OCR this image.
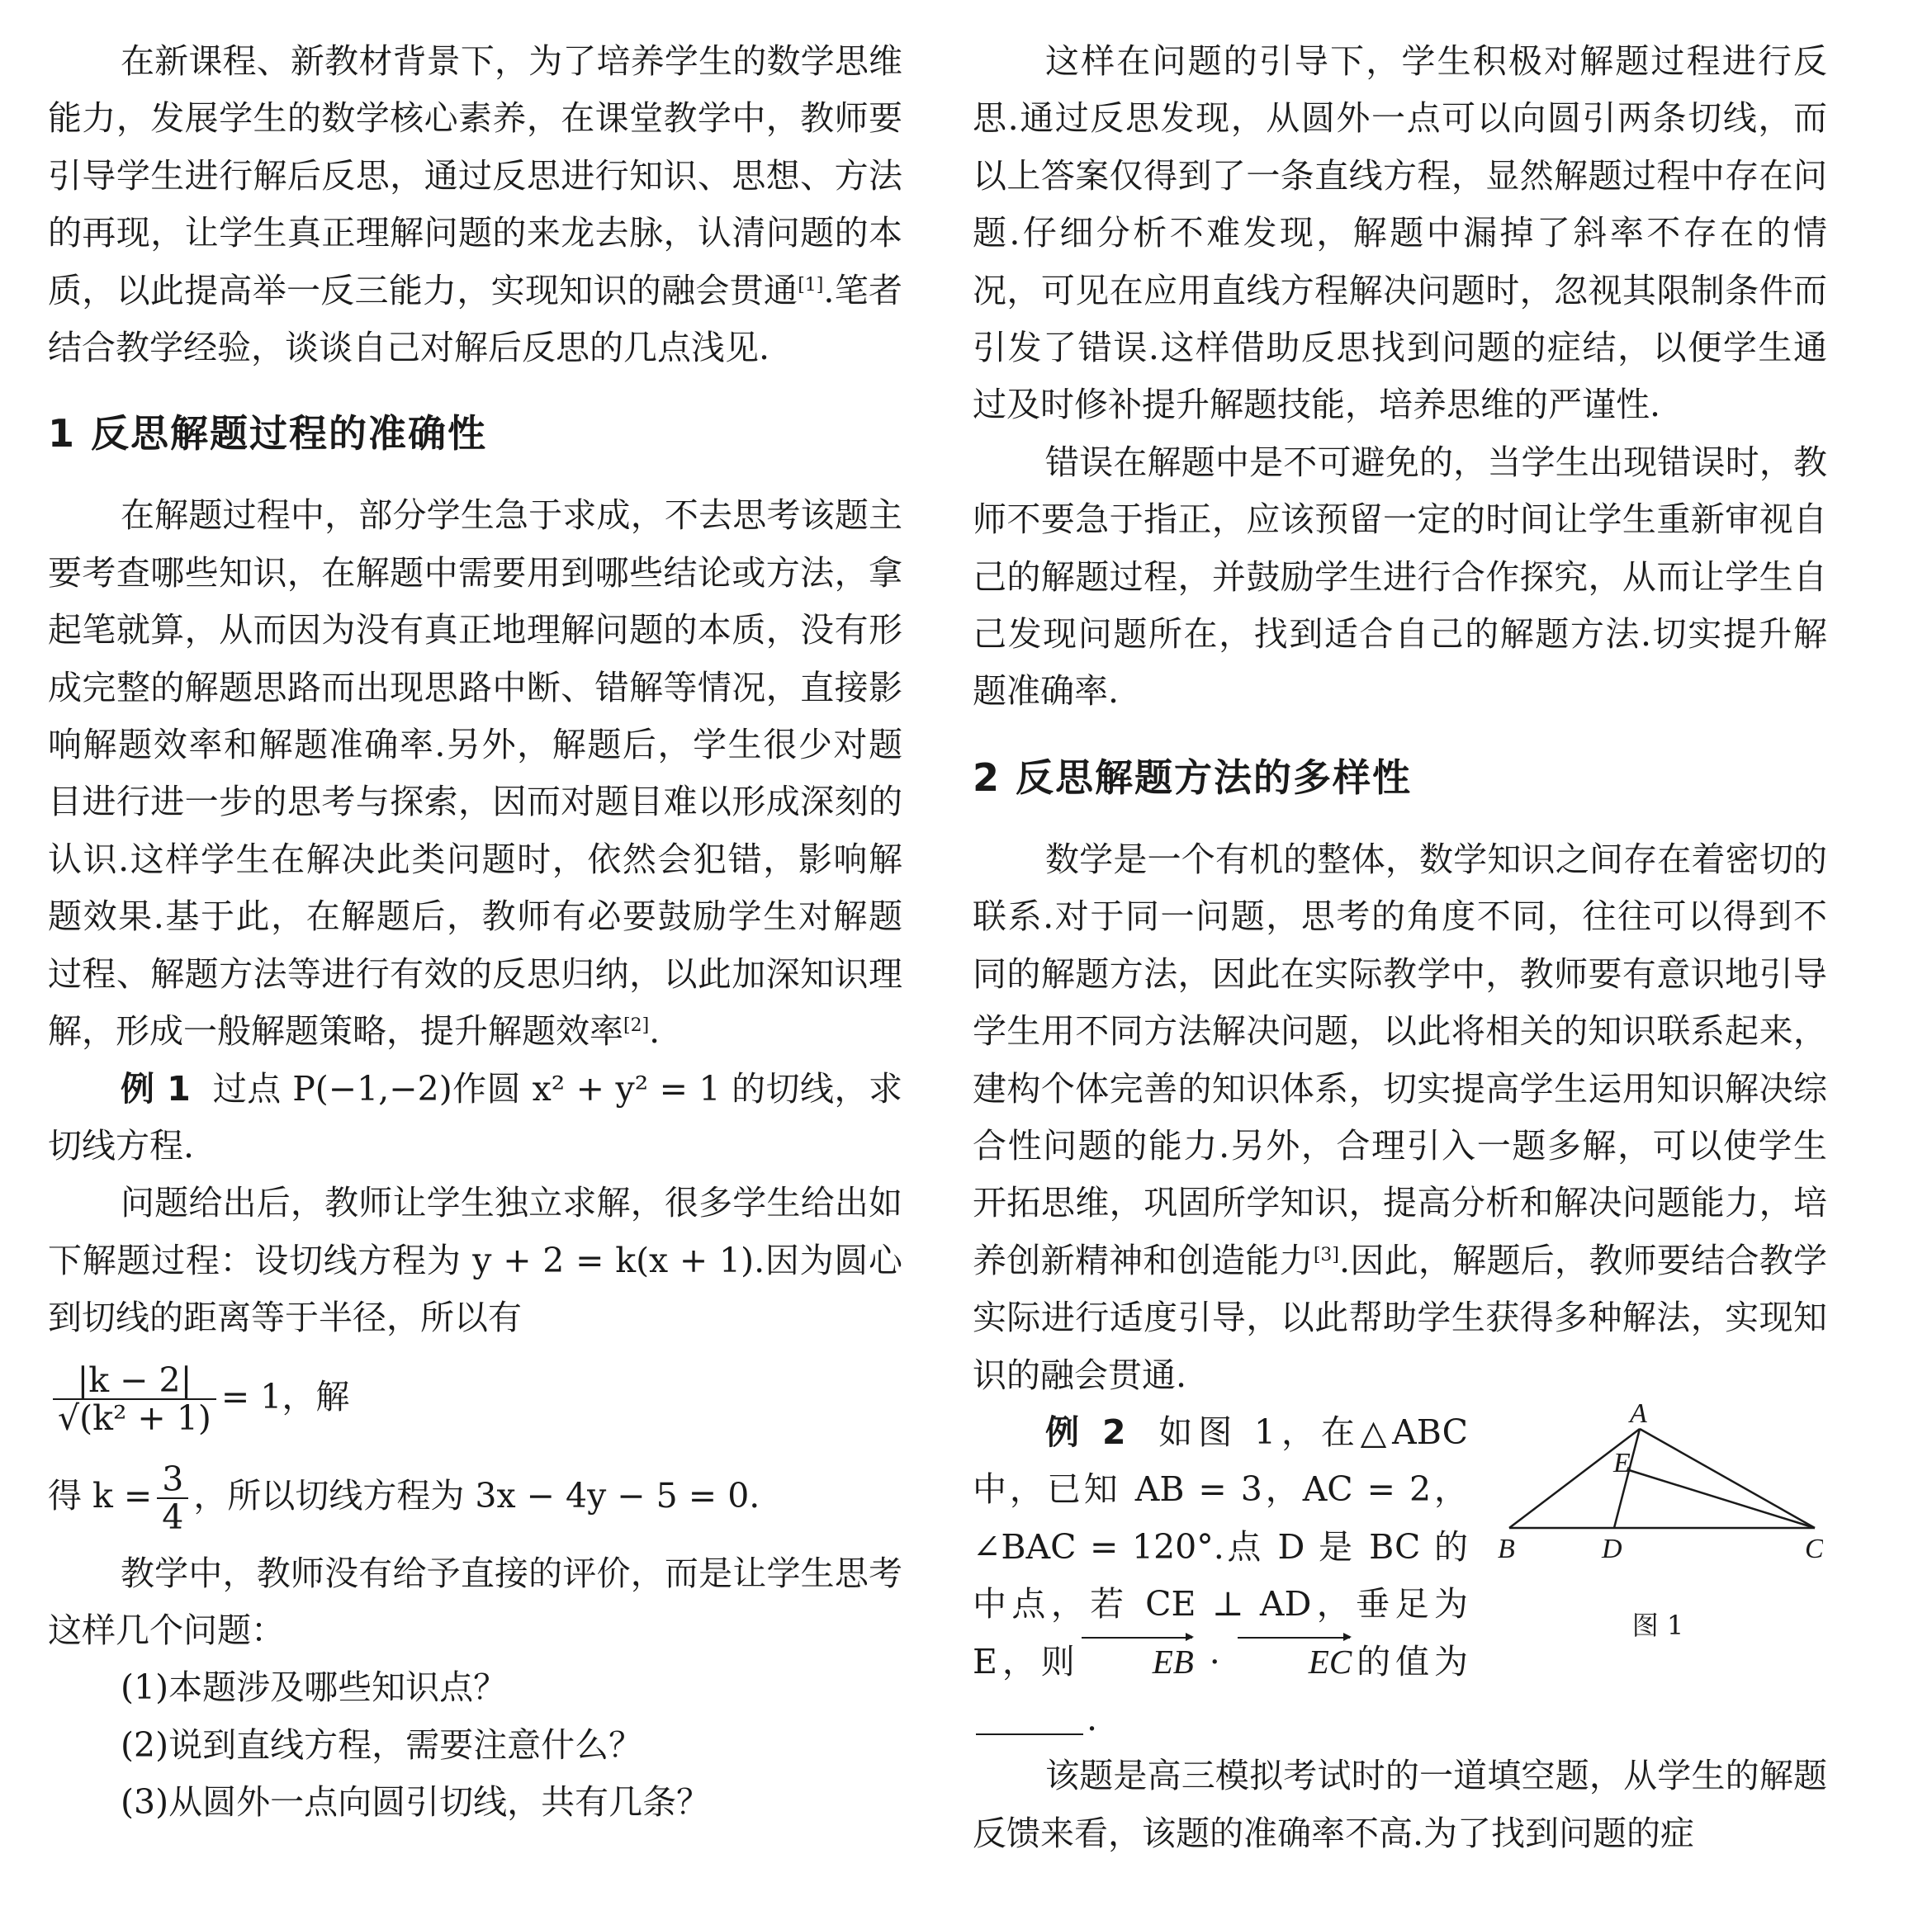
在新课程、新教材背景下，为了培养学生的数学思维能力，发展学生的数学核心素养，在课堂教学中，教师要引导学生进行解后反思，通过反思进行知识、思想、方法的再现，让学生真正理解问题的来龙去脉，认清问题的本质，以此提高举一反三能力，实现知识的融会贯通[1].笔者结合教学经验，谈谈自己对解后反思的几点浅见.

1 反思解题过程的准确性

在解题过程中，部分学生急于求成，不去思考该题主要考查哪些知识，在解题中需要用到哪些结论或方法，拿起笔就算，从而因为没有真正地理解问题的本质，没有形成完整的解题思路而出现思路中断、错解等情况，直接影响解题效率和解题准确率.另外，解题后，学生很少对题目进行进一步的思考与探索，因而对题目难以形成深刻的认识.这样学生在解决此类问题时，依然会犯错，影响解题效果.基于此，在解题后，教师有必要鼓励学生对解题过程、解题方法等进行有效的反思归纳，以此加深知识理解，形成一般解题策略，提升解题效率[2].

例 1 过点 P(−1,−2)作圆 x² + y² = 1 的切线，求切线方程.

问题给出后，教师让学生独立求解，很多学生给出如下解题过程：设切线方程为 y + 2 = k(x + 1).因为圆心到切线的距离等于半径，所以有

$\frac{|k - 2|}{\text{√(k² + 1)}} = 1$，解

得 $k = \frac{3}{4}$ ，所以切线方程为 3x − 4y − 5 = 0.

教学中，教师没有给予直接的评价，而是让学生思考这样几个问题：

(1)本题涉及哪些知识点？

(2)说到直线方程，需要注意什么？

(3)从圆外一点向圆引切线，共有几条？

这样在问题的引导下，学生积极对解题过程进行反思.通过反思发现，从圆外一点可以向圆引两条切线，而以上答案仅得到了一条直线方程，显然解题过程中存在问题.仔细分析不难发现，解题中漏掉了斜率不存在的情况，可见在应用直线方程解决问题时，忽视其限制条件而引发了错误.这样借助反思找到问题的症结，以便学生通过及时修补提升解题技能，培养思维的严谨性.

错误在解题中是不可避免的，当学生出现错误时，教师不要急于指正，应该预留一定的时间让学生重新审视自己的解题过程，并鼓励学生进行合作探究，从而让学生自己发现问题所在，找到适合自己的解题方法.切实提升解题准确率.

2 反思解题方法的多样性

数学是一个有机的整体，数学知识之间存在着密切的联系.对于同一问题，思考的角度不同，往往可以得到不同的解题方法，因此在实际教学中，教师要有意识地引导学生用不同方法解决问题，以此将相关的知识联系起来，建构个体完善的知识体系，切实提高学生运用知识解决综合性问题的能力.另外，合理引入一题多解，可以使学生开拓思维，巩固所学知识，提高分析和解决问题能力，培养创新精神和创造能力[3].因此，解题后，教师要结合教学实际进行适度引导，以此帮助学生获得多种解法，实现知识的融会贯通.

例 2 如图 1，在△ABC 中，已知 AB = 3，AC = 2，∠BAC = 120°.点 D 是 BC 的中点，若 CE ⊥ AD，垂足为 E，则 EB · EC的值为.

A
E
B	D	C
图 1

该题是高三模拟考试时的一道填空题，从学生的解题反馈来看，该题的准确率不高.为了找到问题的症
